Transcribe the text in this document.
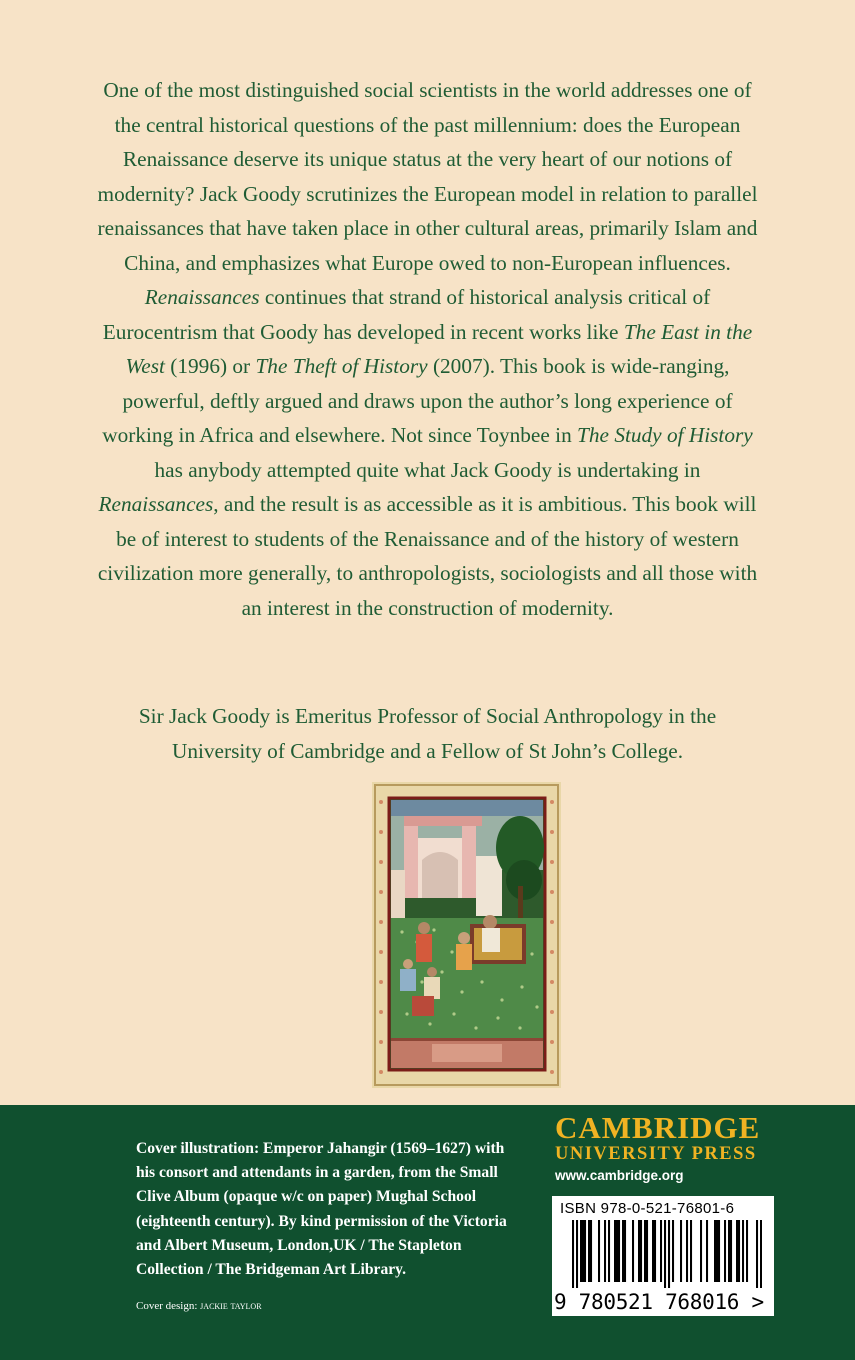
One of the most distinguished social scientists in the world addresses one of the central historical questions of the past millennium: does the European Renaissance deserve its unique status at the very heart of our notions of modernity? Jack Goody scrutinizes the European model in relation to parallel renaissances that have taken place in other cultural areas, primarily Islam and China, and emphasizes what Europe owed to non-European influences. Renaissances continues that strand of historical analysis critical of Eurocentrism that Goody has developed in recent works like The East in the West (1996) or The Theft of History (2007). This book is wide-ranging, powerful, deftly argued and draws upon the author’s long experience of working in Africa and elsewhere. Not since Toynbee in The Study of History has anybody attempted quite what Jack Goody is undertaking in Renaissances, and the result is as accessible as it is ambitious. This book will be of interest to students of the Renaissance and of the history of western civilization more generally, to anthropologists, sociologists and all those with an interest in the construction of modernity.

Sir Jack Goody is Emeritus Professor of Social Anthropology in the University of Cambridge and a Fellow of St John’s College.

Cover illustration: Emperor Jahangir (1569–1627) with his consort and attendants in a garden, from the Small Clive Album (opaque w/c on paper) Mughal School (eighteenth century). By kind permission of the Victoria and Albert Museum, London,UK / The Stapleton Collection / The Bridgeman Art Library.

Cover design: jackie taylor

CAMBRIDGE

UNIVERSITY PRESS

www.cambridge.org

ISBN 978-0-521-76801-6

9 780521 768016 >
